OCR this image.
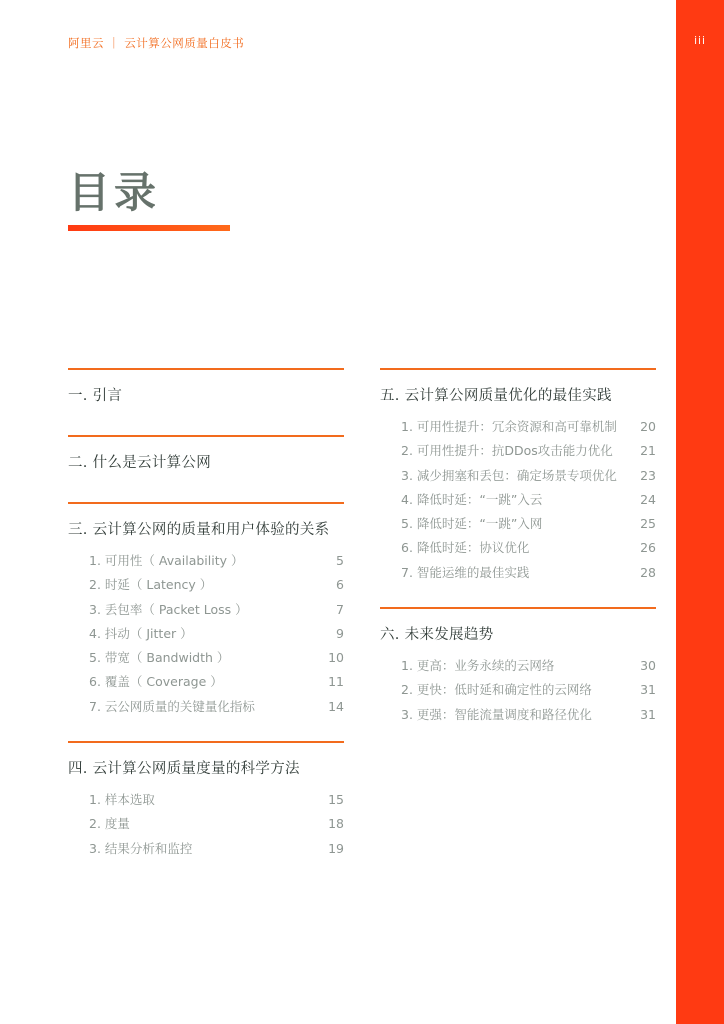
阿里云 ｜ 云计算公网质量白皮书	iii
目录
一. 引言
二. 什么是云计算公网
三. 云计算公网的质量和用户体验的关系
1. 可用性（ Availability ）	5
2. 时延（ Latency ）	6
3. 丢包率（ Packet Loss ）	7
4. 抖动（ Jitter ）	9
5. 带宽（ Bandwidth ）	10
6. 覆盖（ Coverage ）	11
7. 云公网质量的关键量化指标	14
四. 云计算公网质量度量的科学方法
1. 样本选取	15
2. 度量	18
3. 结果分析和监控	19
五. 云计算公网质量优化的最佳实践
1. 可用性提升：冗余资源和高可靠机制 20
2. 可用性提升：抗DDos攻击能力优化 21
3. 减少拥塞和丢包：确定场景专项优化 23
4. 降低时延：“一跳”入云	24
5. 降低时延：“一跳”入网	25
6. 降低时延：协议优化	26
7. 智能运维的最佳实践	28
六. 未来发展趋势
1. 更高：业务永续的云网络	30
2. 更快：低时延和确定性的云网络	31
3. 更强：智能流量调度和路径优化	31
